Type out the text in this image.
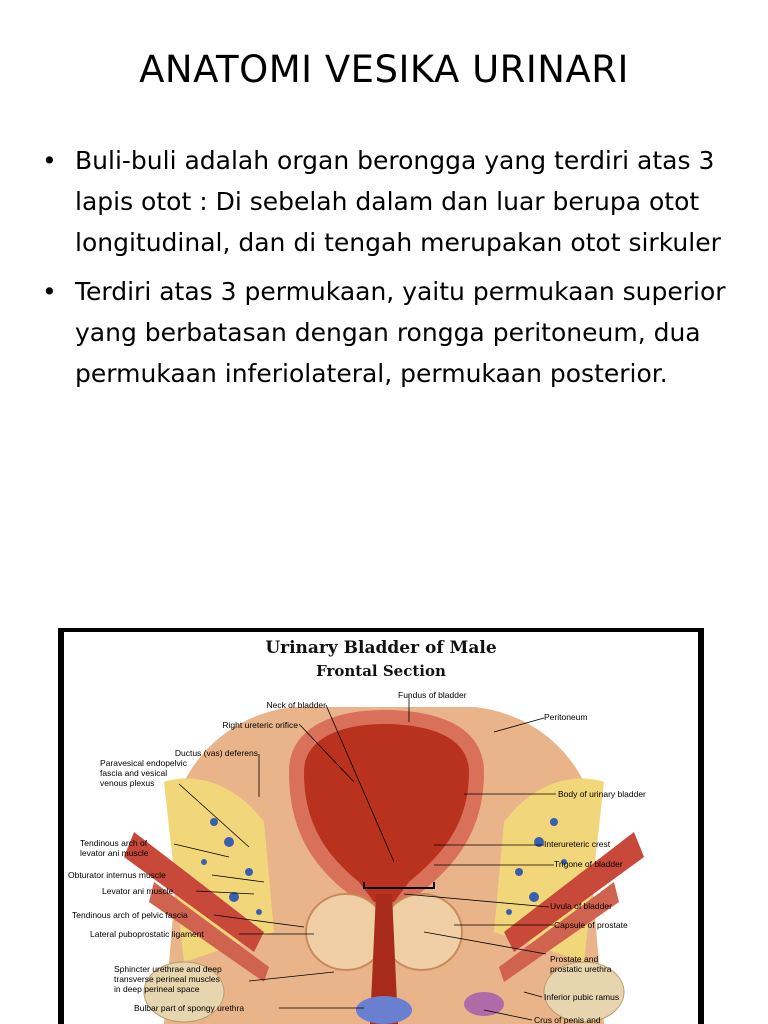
ANATOMI VESIKA URINARI
• Buli-buli adalah organ berongga yang terdiri atas 3 lapis otot : Di sebelah dalam dan luar berupa otot longitudinal, dan di tengah merupakan otot sirkuler
• Terdiri atas 3 permukaan, yaitu permukaan superior yang berbatasan dengan rongga peritoneum, dua permukaan inferiolateral, permukaan posterior.
Urinary Bladder of Male
Frontal Section
Neck of bladder
Right ureteric orifice
Ductus (vas) deferens
Paravesical endopelvic
fascia and vesical
venous plexus
Tendinous arch of
levator ani muscle
Obturator internus muscle
Levator ani muscle
Tendinous arch of pelvic fascia
Lateral puboprostatic ligament
Sphincter urethrae and deep
transverse perineal muscles
in deep perineal space
Bulbar part of spongy urethra
Fundus of bladder
Peritoneum
Body of urinary bladder
Interureteric crest
Trigone of bladder
Uvula of bladder
Capsule of prostate
Prostate and
prostatic urethra
Inferior pubic ramus
Crus of penis and
